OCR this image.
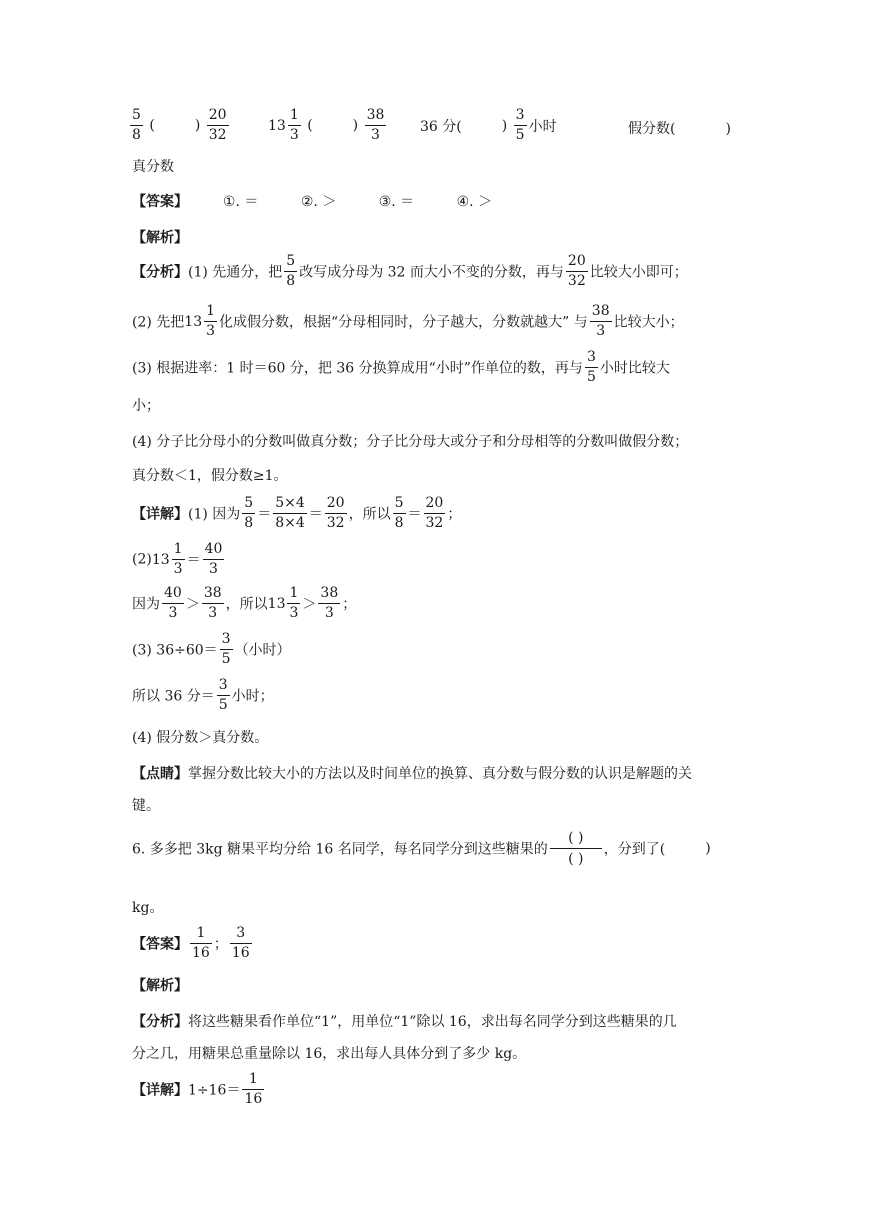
$\frac{5}{8}$ (	) $\frac{20}{32}$	13
1
3
(	) $\frac{38}{3} 36$ 分(	) $\frac{3}{5}$ 小时	假分数(	)
真分数
【答案】 ①. ＝	②. ＞	③. ＝	④. ＞
【解析】
【分析】(1) 先通分，把 $\frac{5}{8}$ 改写成分母为 32 而大小不变的分数，再与 $\frac{20}{32}$ 比较大小即可；
(2) 先把 13
1
3
化成假分数，根据“分母相同时，分子越大，分数就越大” 与 $\frac{38}{3}$ 比较大小；
(3) 根据进率：1 时＝60 分，把 36 分换算成用“小时”作单位的数，再与 $\frac{3}{5}$ 小时比较大
小；
(4) 分子比分母小的分数叫做真分数；分子比分母大或分子和分母相等的分数叫做假分数；
真分数＜1，假分数≥1。
【详解】(1) 因为 $\frac{5}{8} = \frac{5\times 4}{8\times 4} = \frac{20}{32}$ ，所以 $\frac{5}{8} = \frac{20}{32}$ ；
(2) 13
1
3
＝ $\frac{40}{3}$
因为 $\frac{40}{3} > \frac{38}{3}$ ，所以 13
1
3
＞ $\frac{38}{3}$ ；
(3) $36\div 60= \frac{3}{5}$ （小时）
所以 36 分＝ $\frac{3}{5}$ 小时；
(4) 假分数＞真分数。
【点睛】掌握分数比较大小的方法以及时间单位的换算、真分数与假分数的认识是解题的关
键。
6. 多多把 3kg 糖果平均分给 16 名同学，每名同学分到这些糖果的 $\frac{( )}{( )}$ ，分到了(	)
kg。
【答案】 $\frac{1}{16}$ ； $\frac{3}{16}$
【解析】
【分析】将这些糖果看作单位“1”，用单位“1”除以 16，求出每名同学分到这些糖果的几
分之几，用糖果总重量除以 16，求出每人具体分到了多少 kg。
【详解】$1\div 16= \frac{1}{16}$
